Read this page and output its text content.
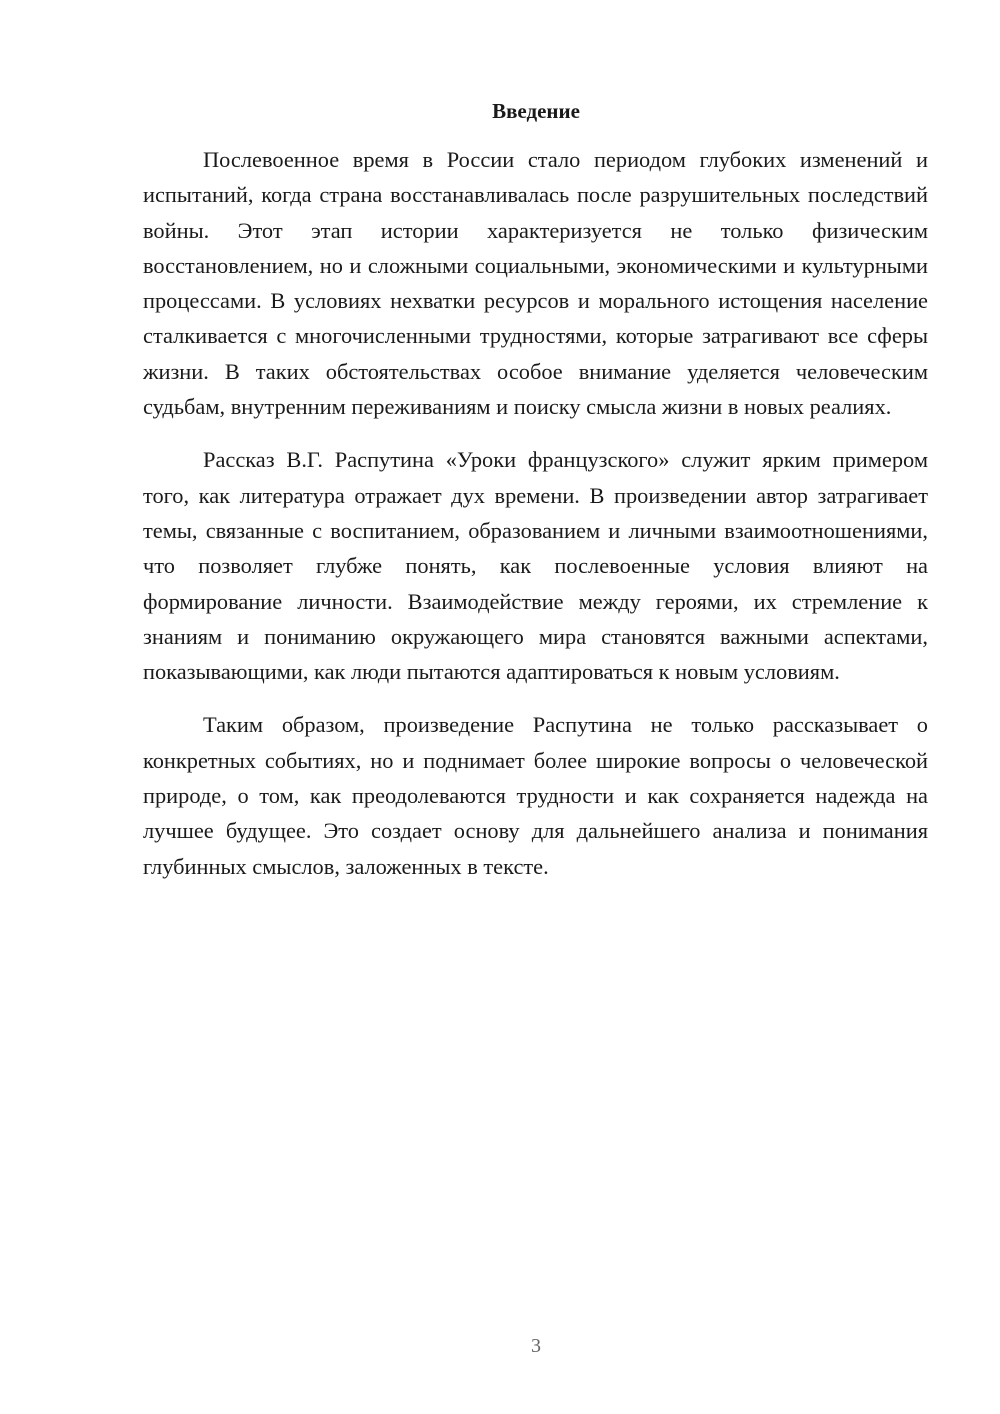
Введение

Послевоенное время в России стало периодом глубоких изменений и испытаний, когда страна восстанавливалась после разрушительных последствий войны. Этот этап истории характеризуется не только физическим восстановлением, но и сложными социальными, экономическими и культурными процессами. В условиях нехватки ресурсов и морального истощения население сталкивается с многочисленными трудностями, которые затрагивают все сферы жизни. В таких обстоятельствах особое внимание уделяется человеческим судьбам, внутренним переживаниям и поиску смысла жизни в новых реалиях.

Рассказ В.Г. Распутина «Уроки французского» служит ярким примером того, как литература отражает дух времени. В произведении автор затрагивает темы, связанные с воспитанием, образованием и личными взаимоотношениями, что позволяет глубже понять, как послевоенные условия влияют на формирование личности. Взаимодействие между героями, их стремление к знаниям и пониманию окружающего мира становятся важными аспектами, показывающими, как люди пытаются адаптироваться к новым условиям.

Таким образом, произведение Распутина не только рассказывает о конкретных событиях, но и поднимает более широкие вопросы о человеческой природе, о том, как преодолеваются трудности и как сохраняется надежда на лучшее будущее. Это создает основу для дальнейшего анализа и понимания глубинных смыслов, заложенных в тексте.

3
